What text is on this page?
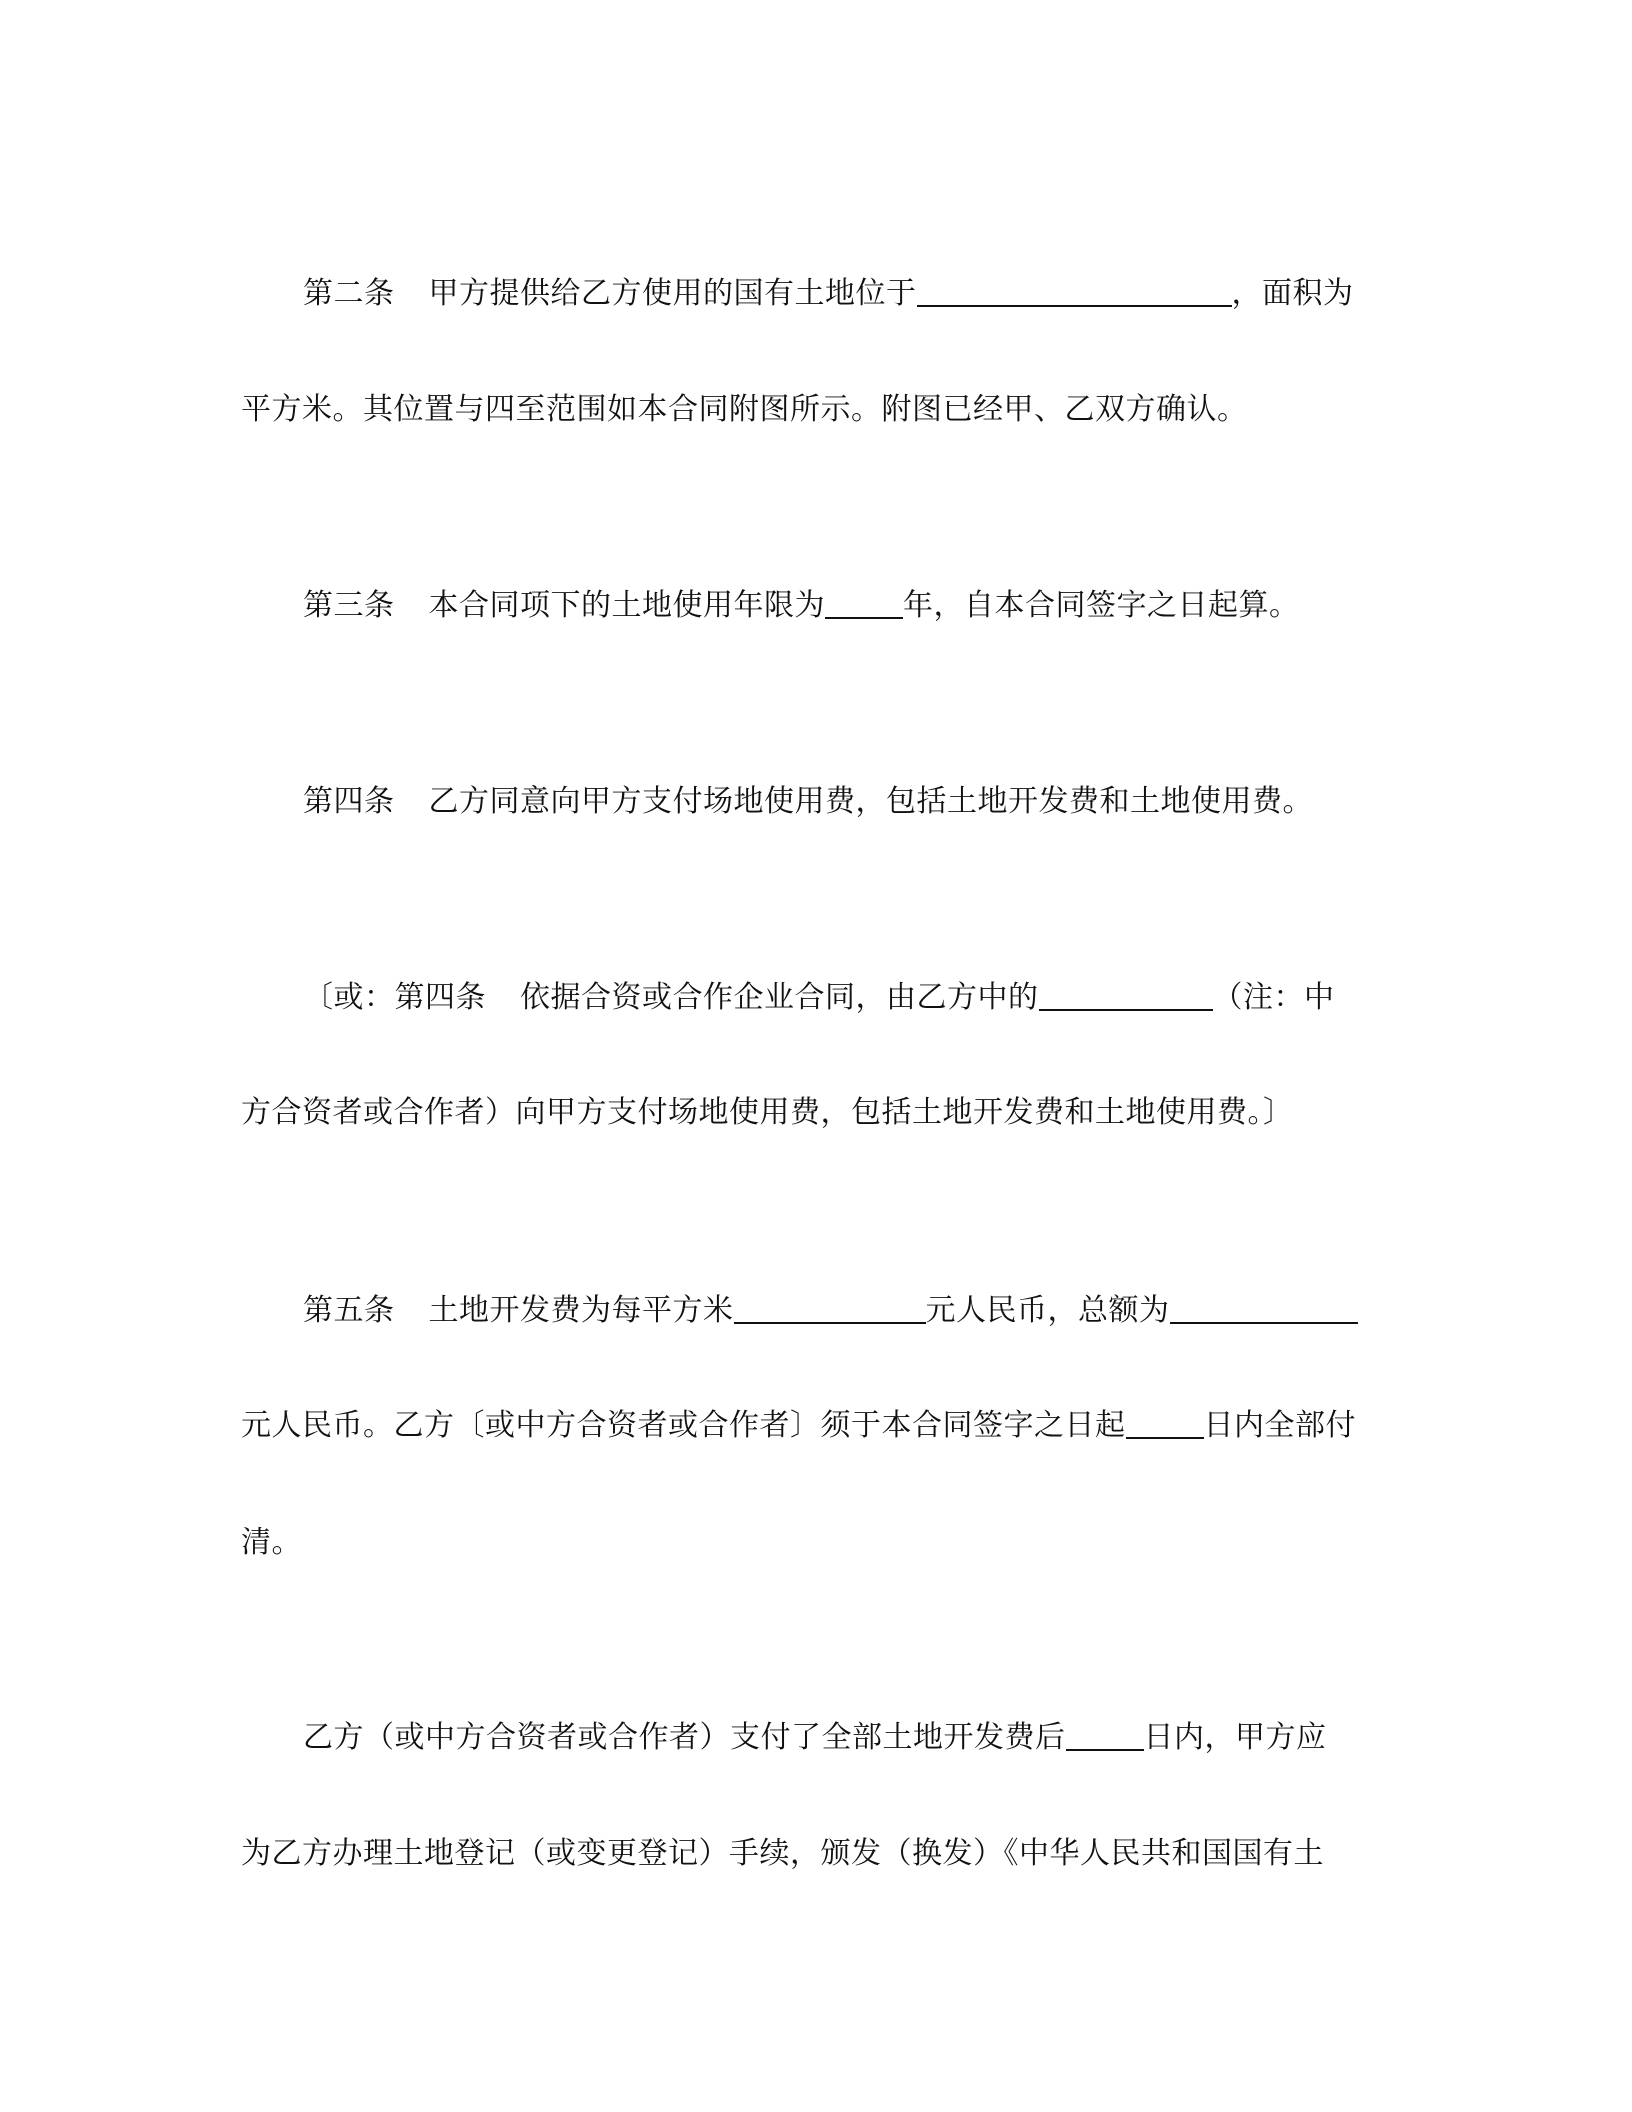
第二条 甲方提供给乙方使用的国有土地位于	，面积为
平方米。其位置与四至范围如本合同附图所示。附图已经甲、乙双方确认。
第三条 本合同项下的土地使用年限为	年，自本合同签字之日起算。
第四条 乙方同意向甲方支付场地使用费，包括土地开发费和土地使用费。
〔或：第四条 依据合资或合作企业合同，由乙方中的	（注：中
方合资者或合作者）向甲方支付场地使用费，包括土地开发费和土地使用费。〕
第五条 土地开发费为每平方米	元人民币，总额为
元人民币。乙方〔或中方合资者或合作者〕须于本合同签字之日起	日内全部付
清。
乙方（或中方合资者或合作者）支付了全部土地开发费后	日内，甲方应
为乙方办理土地登记（或变更登记）手续，颁发（换发）《中华人民共和国国有土
